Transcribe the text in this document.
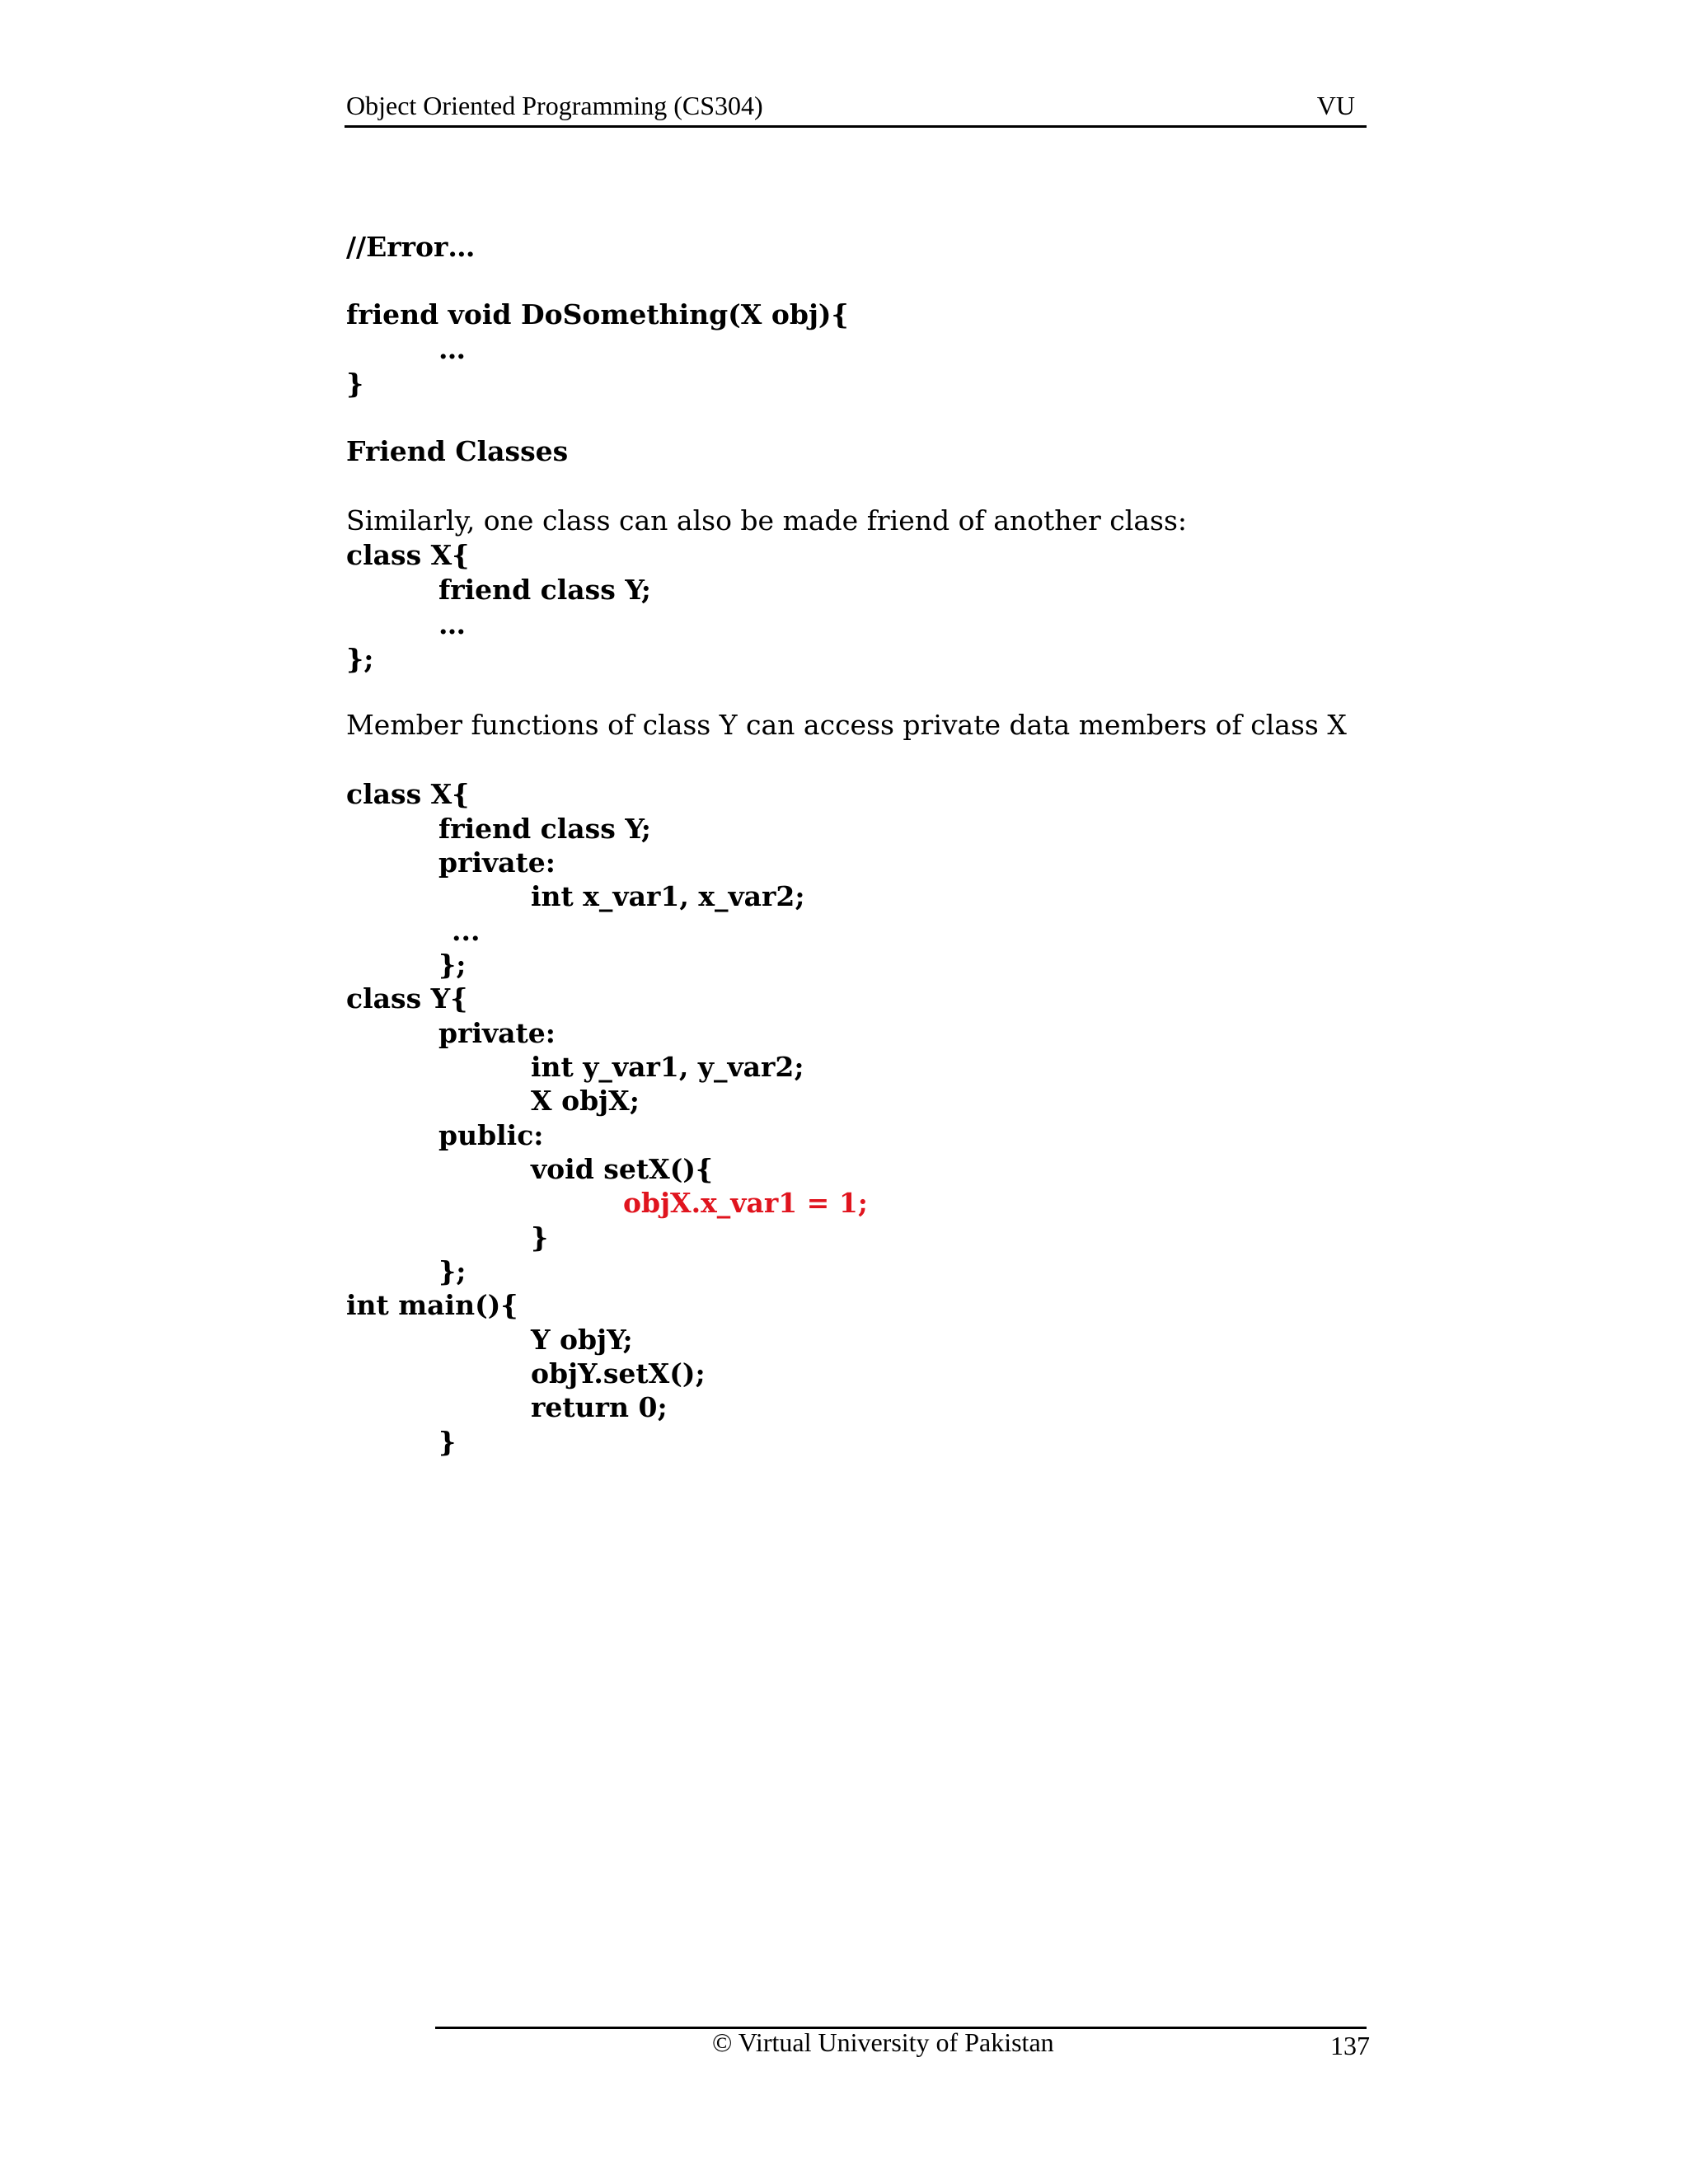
Object Oriented Programming (CS304)	VU
//Error…
friend void DoSomething(X obj){
…
}
Friend Classes
Similarly, one class can also be made friend of another class:
class X{
friend class Y;
…
};
Member functions of class Y can access private data members of class X
class X{
friend class Y;
private:
int x_var1, x_var2;
...
};
class Y{
private:
int y_var1, y_var2;
X objX;
public:
void setX(){
objX.x_var1 = 1;
}
};
int main(){
Y objY;
objY.setX();
return 0;
}
© Virtual University of Pakistan	137
